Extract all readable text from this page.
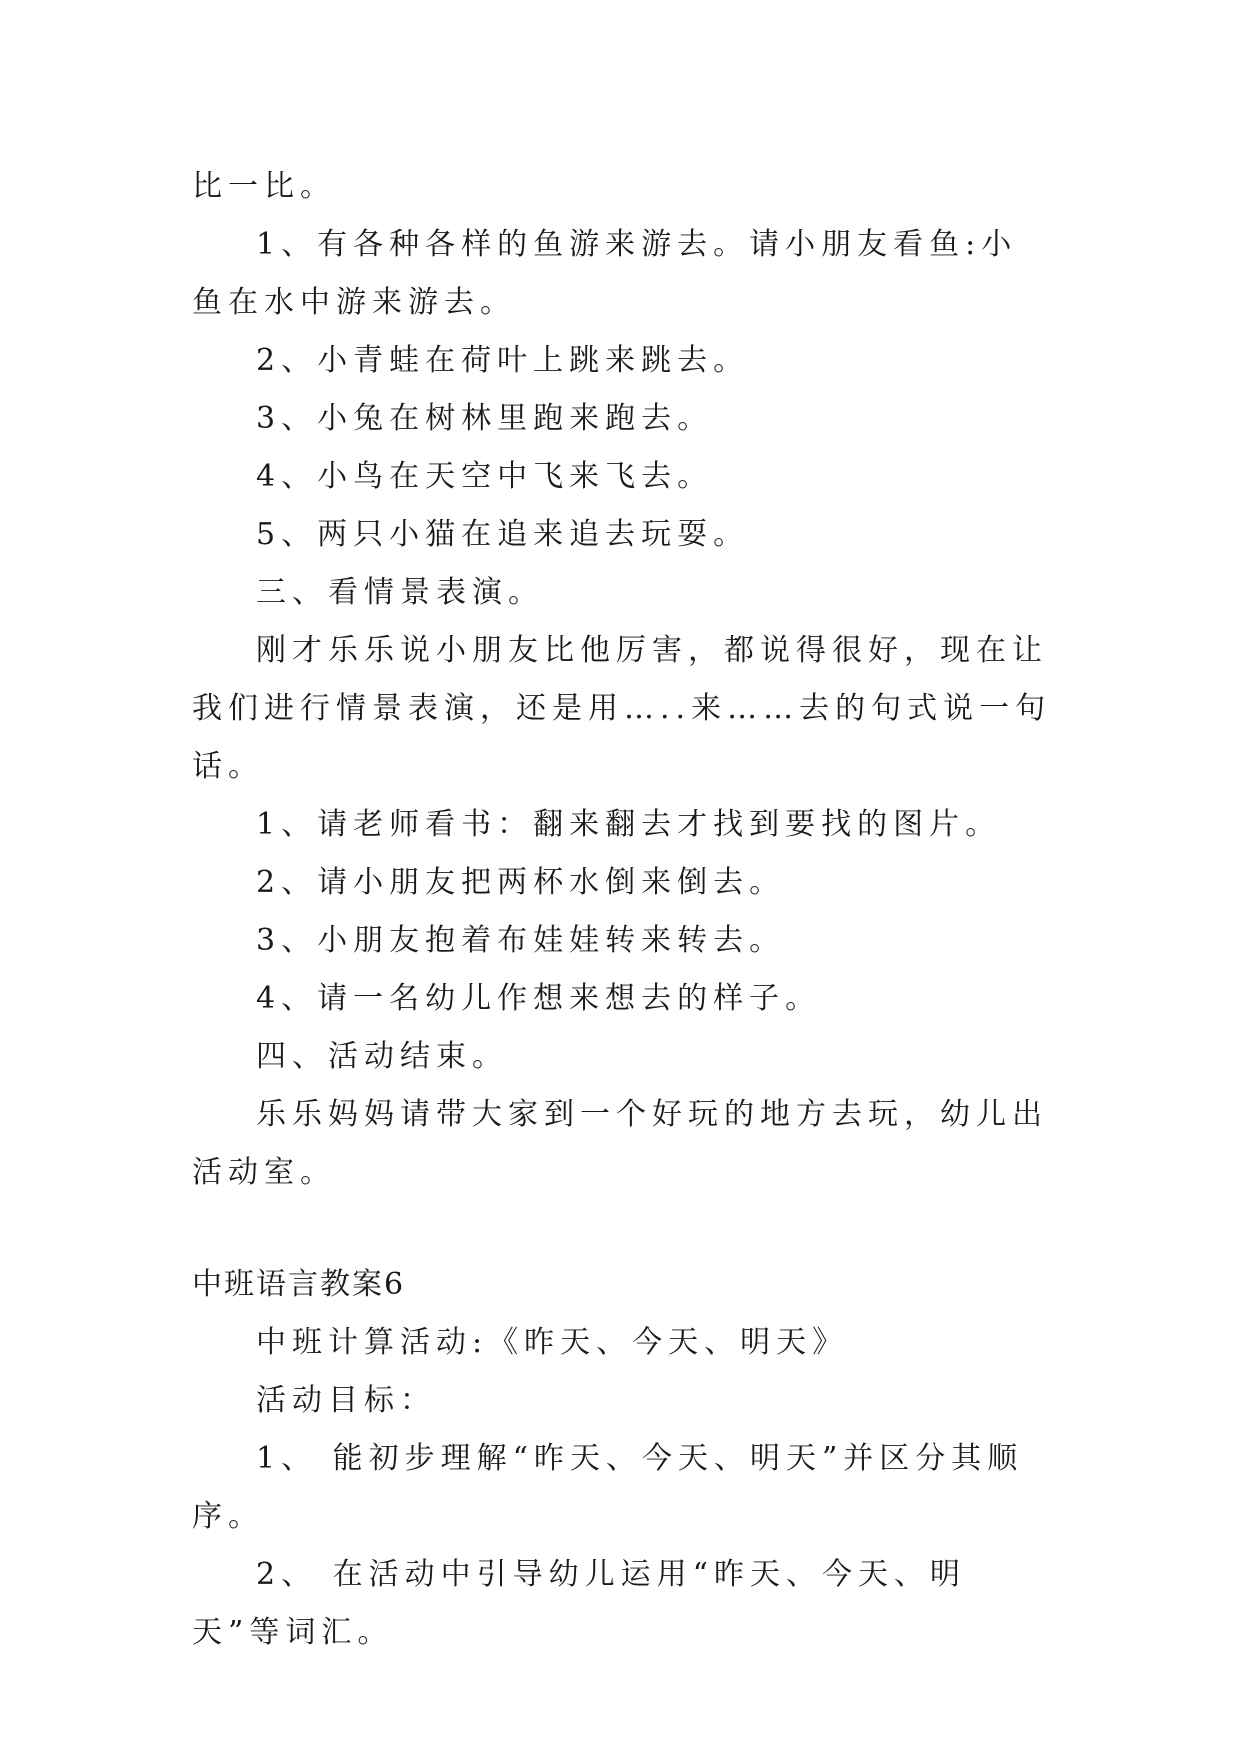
比一比。

1、有各种各样的鱼游来游去。请小朋友看鱼:小鱼在水中游来游去。

2、小青蛙在荷叶上跳来跳去。

3、小兔在树林里跑来跑去。

4、小鸟在天空中飞来飞去。

5、两只小猫在追来追去玩耍。

三、看情景表演。

刚才乐乐说小朋友比他厉害，都说得很好，现在让我们进行情景表演，还是用…..来……去的句式说一句话。

1、请老师看书：翻来翻去才找到要找的图片。

2、请小朋友把两杯水倒来倒去。

3、小朋友抱着布娃娃转来转去。

4、请一名幼儿作想来想去的样子。

四、活动结束。

乐乐妈妈请带大家到一个好玩的地方去玩，幼儿出活动室。

中班语言教案6

中班计算活动:《昨天、今天、明天》

活动目标：

1、 能初步理解“昨天、今天、明天”并区分其顺序。

2、 在活动中引导幼儿运用“昨天、今天、明天”等词汇。
